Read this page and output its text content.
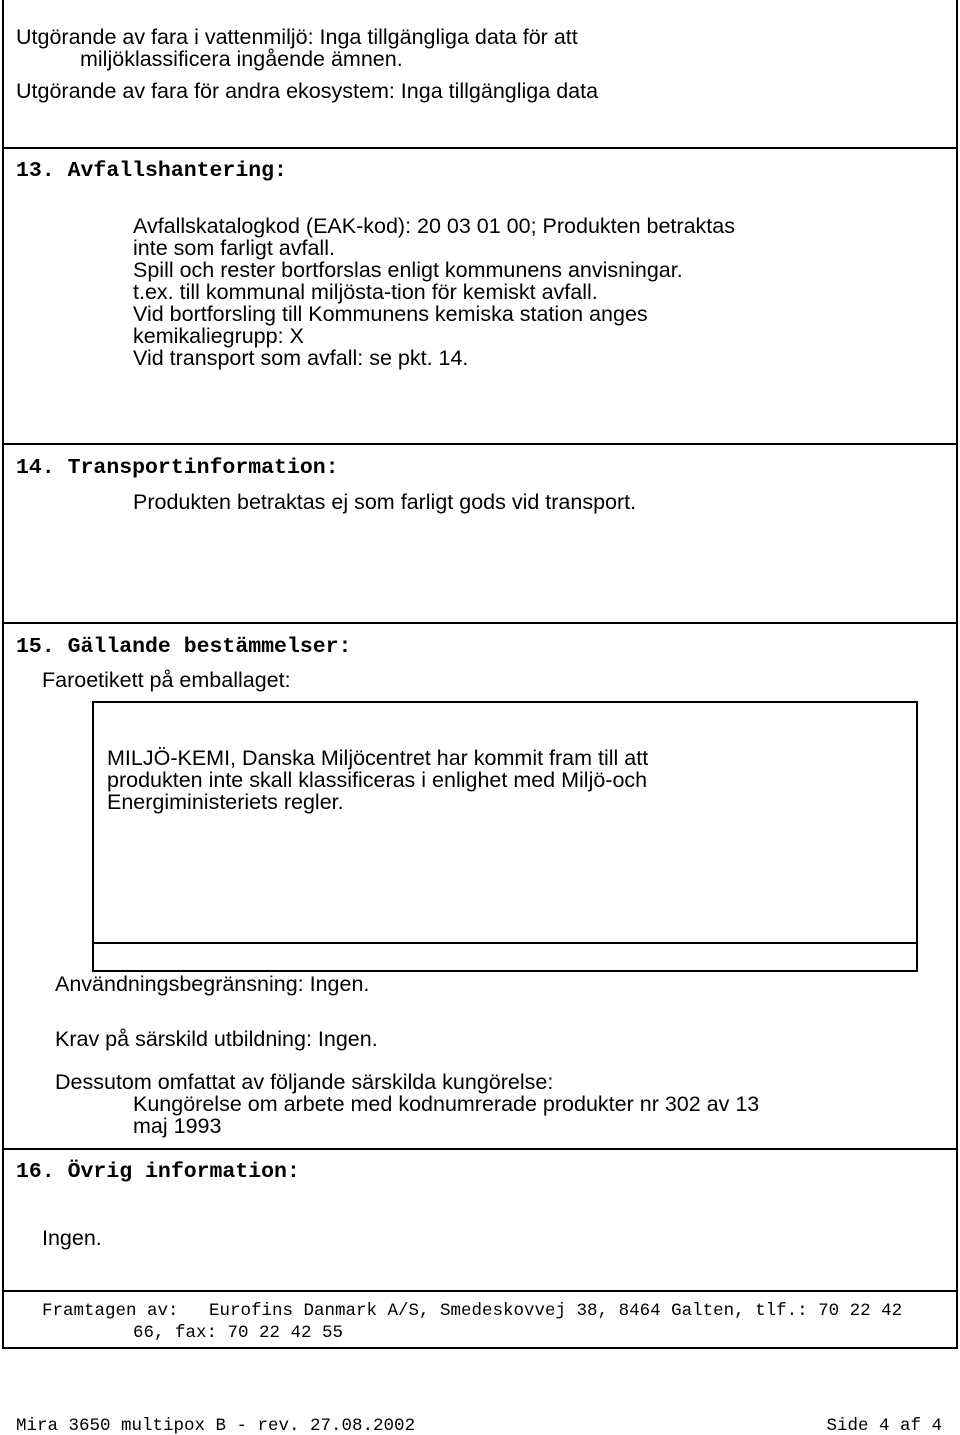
Utgörande av fara i vattenmiljö: Inga tillgängliga data för att
miljöklassificera ingående ämnen.
Utgörande av fara för andra ekosystem: Inga tillgängliga data
13. Avfallshantering:
Avfallskatalogkod (EAK-kod): 20 03 01 00; Produkten betraktas
inte som farligt avfall.
Spill och rester bortforslas enligt kommunens anvisningar.
t.ex. till kommunal miljösta-tion för kemiskt avfall.
Vid bortforsling till Kommunens kemiska station anges
kemikaliegrupp: X
Vid transport som avfall: se pkt. 14.
14. Transportinformation:
Produkten betraktas ej som farligt gods vid transport.
15. Gällande bestämmelser:
Faroetikett på emballaget:
MILJÖ-KEMI, Danska Miljöcentret har kommit fram till att
produkten inte skall klassificeras i enlighet med Miljö-och
Energiministeriets regler.
Användningsbegränsning: Ingen.
Krav på särskild utbildning: Ingen.
Dessutom omfattat av följande särskilda kungörelse:
Kungörelse om arbete med kodnumrerade produkter nr 302 av 13
maj 1993
16. Övrig information:
Ingen.
Framtagen av: Eurofins Danmark A/S, Smedeskovvej 38, 8464 Galten, tlf.: 70 22 42
66, fax: 70 22 42 55
Mira 3650 multipox B - rev. 27.08.2002	Side 4 af 4
